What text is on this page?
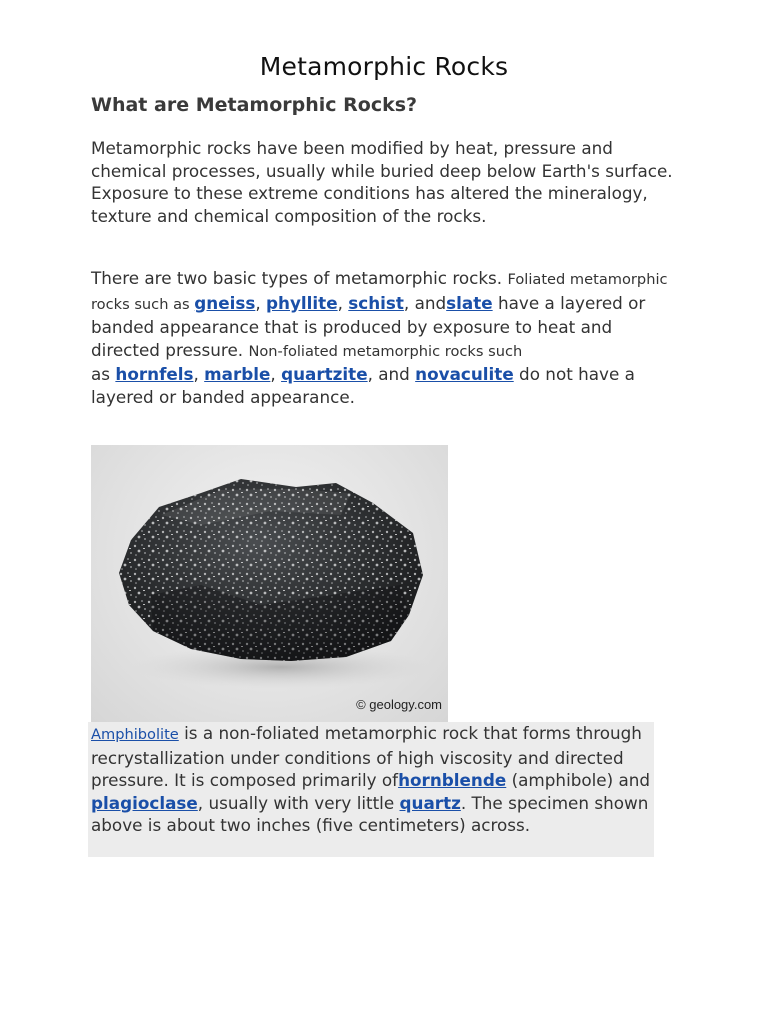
Metamorphic Rocks
What are Metamorphic Rocks?

Metamorphic rocks have been modified by heat, pressure and chemical processes, usually while buried deep below Earth's surface. Exposure to these extreme conditions has altered the mineralogy, texture and chemical composition of the rocks.

There are two basic types of metamorphic rocks. Foliated metamorphic rocks such as gneiss, phyllite, schist, andslate have a layered or banded appearance that is produced by exposure to heat and directed pressure. Non-foliated metamorphic rocks such
as hornfels, marble, quartzite, and novaculite do not have a layered or banded appearance.

© geology.com

Amphibolite is a non-foliated metamorphic rock that forms through recrystallization under conditions of high viscosity and directed pressure. It is composed primarily ofhornblende (amphibole) and plagioclase, usually with very little quartz. The specimen shown above is about two inches (five centimeters) across.
